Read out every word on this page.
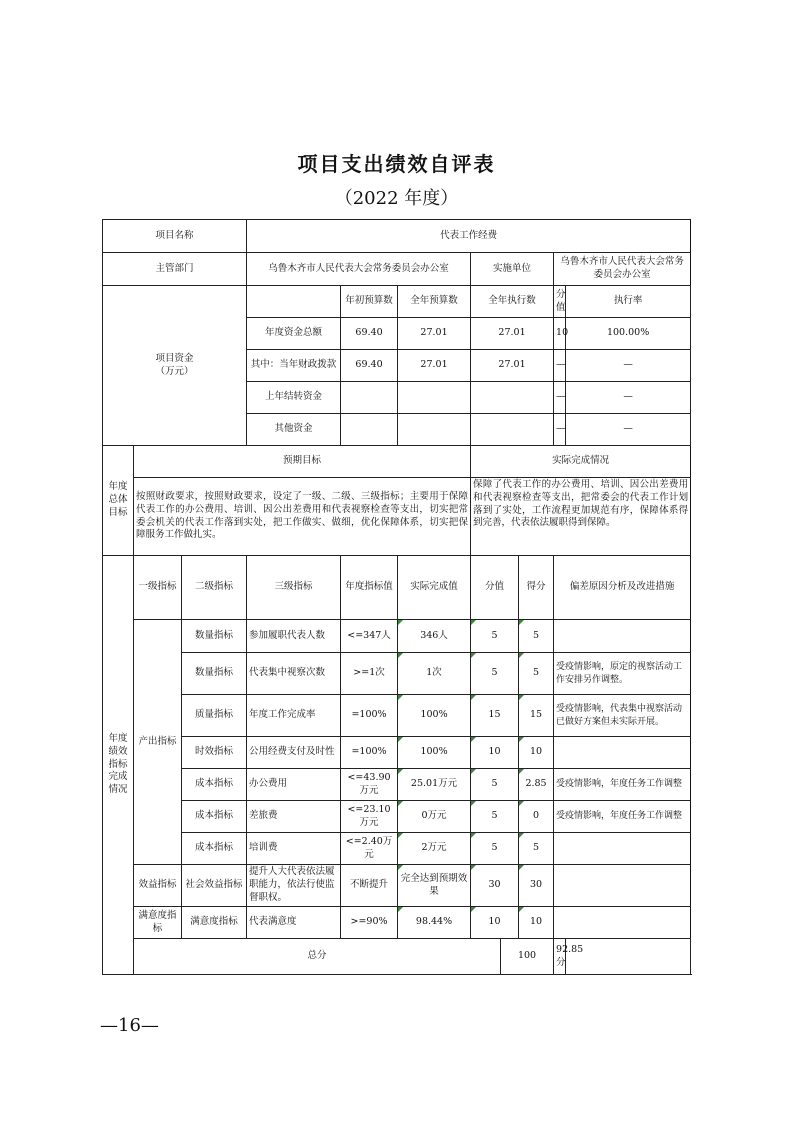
项目支出绩效自评表
（2022 年度）
项目名称			代表工作经费								
主管部门			乌鲁木齐市人民代表大会常务委员会办公室			实施单位			乌鲁木齐市人民代表大会常务委员会办公室		
项目资金
（万元）				年初预算数	全年预算数	全年执行数			分值	执行率	
			年度资金总额	69.40	27.01	27.01			10	100.00%	
			其中：当年财政拨款	69.40	27.01	27.01			—	—	
			上年结转资金						—	—	
			其他资金						—	—	
年度总体目标	预期目标					实际完成情况					
	按照财政要求，按照财政要求，设定了一级、二级、三级指标；主要用于保障代表工作的办公费用、培训、因公出差费用和代表视察检查等支出，切实把常委会机关的代表工作落到实处，把工作做实、做细，优化保障体系，切实把保障服务工作做扎实。					保障了代表工作的办公费用、培训、因公出差费用和代表视察检查等支出，把常委会的代表工作计划落到了实处，工作流程更加规范有序，保障体系得到完善，代表依法履职得到保障。					
年度绩效指标完成情况	一级指标	二级指标	三级指标	年度指标值	实际完成值	分值		得分	偏差原因分析及改进措施		
	产出指标	数量指标	参加履职代表人数	<=347人	346人	5		5			
		数量指标	代表集中视察次数	>=1次	1次	5		5	受疫情影响，原定的视察活动工作安排另作调整。		
		质量指标	年度工作完成率	=100%	100%	15		15	受疫情影响，代表集中视察活动已做好方案但未实际开展。		
		时效指标	公用经费支付及时性	=100%	100%	10		10			
		成本指标	办公费用	<=43.90万元	25.01万元	5		2.85	受疫情影响，年度任务工作调整		
		成本指标	差旅费	<=23.10万元	0万元	5		0	受疫情影响，年度任务工作调整		
		成本指标	培训费	<=2.40万元	2万元	5		5			
	效益指标	社会效益指标	提升人大代表依法履职能力，依法行使监督职权。	不断提升	完全达到预期效果	30		30			
	满意度指标	满意度指标	代表满意度	>=90%	98.44%	10		10			
	总分						100		92.85分		
—16—
